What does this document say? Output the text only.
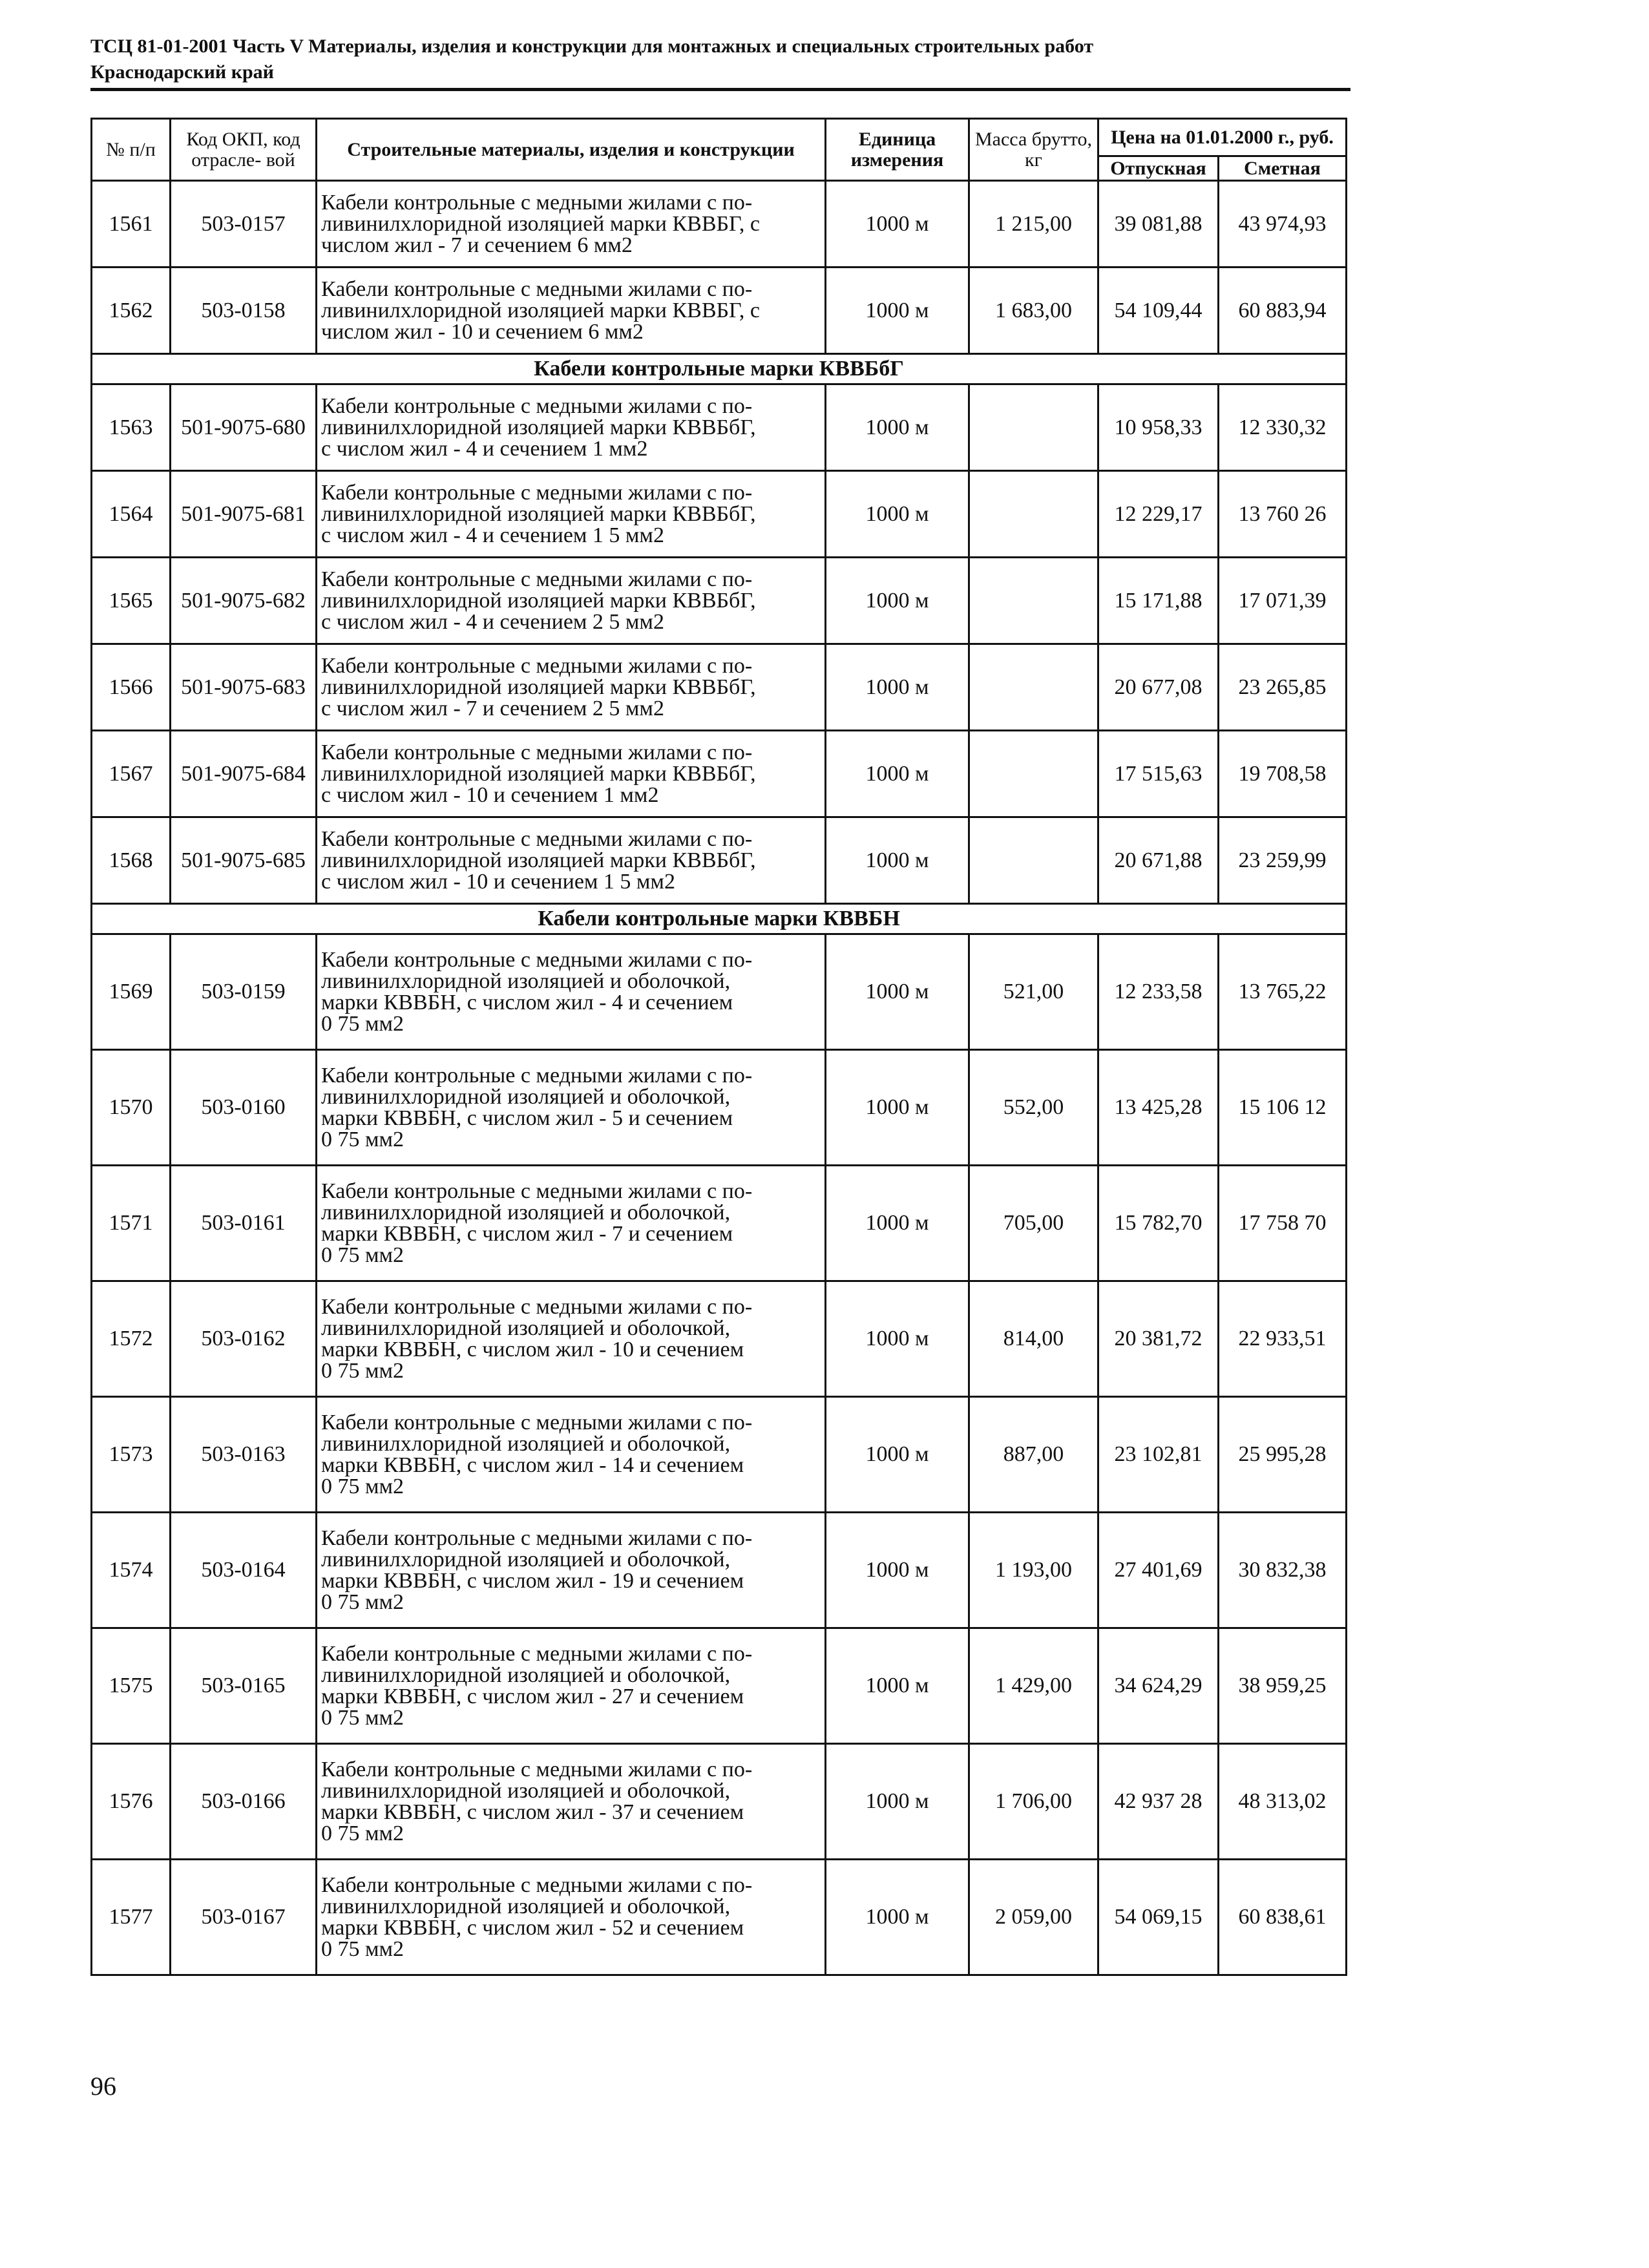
ТСЦ 81-01-2001 Часть V Материалы, изделия и конструкции для монтажных и специальных строительных работ
Краснодарский край
№ п/п	Код ОКП, код отрасле- вой	Строительные материалы, изделия и конструкции	Единица измерения	Масса брутто, кг	Цена на 01.01.2000 г., руб.	
					Отпускная	Сметная
1561	503-0157	Кабели контрольные с медными жилами с по-
ливинилхлоридной изоляцией марки КВВБГ, с
числом жил - 7 и сечением 6 мм2	1000 м	1 215,00	39 081,88	43 974,93
1562	503-0158	Кабели контрольные с медными жилами с по-
ливинилхлоридной изоляцией марки КВВБГ, с
числом жил - 10 и сечением 6 мм2	1000 м	1 683,00	54 109,44	60 883,94
Кабели контрольные марки КВВБбГ						
1563	501-9075-680	Кабели контрольные с медными жилами с по-
ливинилхлоридной изоляцией марки КВВБбГ,
с числом жил - 4 и сечением 1 мм2	1000 м		10 958,33	12 330,32
1564	501-9075-681	Кабели контрольные с медными жилами с по-
ливинилхлоридной изоляцией марки КВВБбГ,
с числом жил - 4 и сечением 1 5 мм2	1000 м		12 229,17	13 760 26
1565	501-9075-682	Кабели контрольные с медными жилами с по-
ливинилхлоридной изоляцией марки КВВБбГ,
с числом жил - 4 и сечением 2 5 мм2	1000 м		15 171,88	17 071,39
1566	501-9075-683	Кабели контрольные с медными жилами с по-
ливинилхлоридной изоляцией марки КВВБбГ,
с числом жил - 7 и сечением 2 5 мм2	1000 м		20 677,08	23 265,85
1567	501-9075-684	Кабели контрольные с медными жилами с по-
ливинилхлоридной изоляцией марки КВВБбГ,
с числом жил - 10 и сечением 1 мм2	1000 м		17 515,63	19 708,58
1568	501-9075-685	Кабели контрольные с медными жилами с по-
ливинилхлоридной изоляцией марки КВВБбГ,
с числом жил - 10 и сечением 1 5 мм2	1000 м		20 671,88	23 259,99
Кабели контрольные марки КВВБН						
1569	503-0159	Кабели контрольные с медными жилами с по-
ливинилхлоридной изоляцией и оболочкой,
марки КВВБН, с числом жил - 4 и сечением
0 75 мм2	1000 м	521,00	12 233,58	13 765,22
1570	503-0160	Кабели контрольные с медными жилами с по-
ливинилхлоридной изоляцией и оболочкой,
марки КВВБН, с числом жил - 5 и сечением
0 75 мм2	1000 м	552,00	13 425,28	15 106 12
1571	503-0161	Кабели контрольные с медными жилами с по-
ливинилхлоридной изоляцией и оболочкой,
марки КВВБН, с числом жил - 7 и сечением
0 75 мм2	1000 м	705,00	15 782,70	17 758 70
1572	503-0162	Кабели контрольные с медными жилами с по-
ливинилхлоридной изоляцией и оболочкой,
марки КВВБН, с числом жил - 10 и сечением
0 75 мм2	1000 м	814,00	20 381,72	22 933,51
1573	503-0163	Кабели контрольные с медными жилами с по-
ливинилхлоридной изоляцией и оболочкой,
марки КВВБН, с числом жил - 14 и сечением
0 75 мм2	1000 м	887,00	23 102,81	25 995,28
1574	503-0164	Кабели контрольные с медными жилами с по-
ливинилхлоридной изоляцией и оболочкой,
марки КВВБН, с числом жил - 19 и сечением
0 75 мм2	1000 м	1 193,00	27 401,69	30 832,38
1575	503-0165	Кабели контрольные с медными жилами с по-
ливинилхлоридной изоляцией и оболочкой,
марки КВВБН, с числом жил - 27 и сечением
0 75 мм2	1000 м	1 429,00	34 624,29	38 959,25
1576	503-0166	Кабели контрольные с медными жилами с по-
ливинилхлоридной изоляцией и оболочкой,
марки КВВБН, с числом жил - 37 и сечением
0 75 мм2	1000 м	1 706,00	42 937 28	48 313,02
1577	503-0167	Кабели контрольные с медными жилами с по-
ливинилхлоридной изоляцией и оболочкой,
марки КВВБН, с числом жил - 52 и сечением
0 75 мм2	1000 м	2 059,00	54 069,15	60 838,61
96
